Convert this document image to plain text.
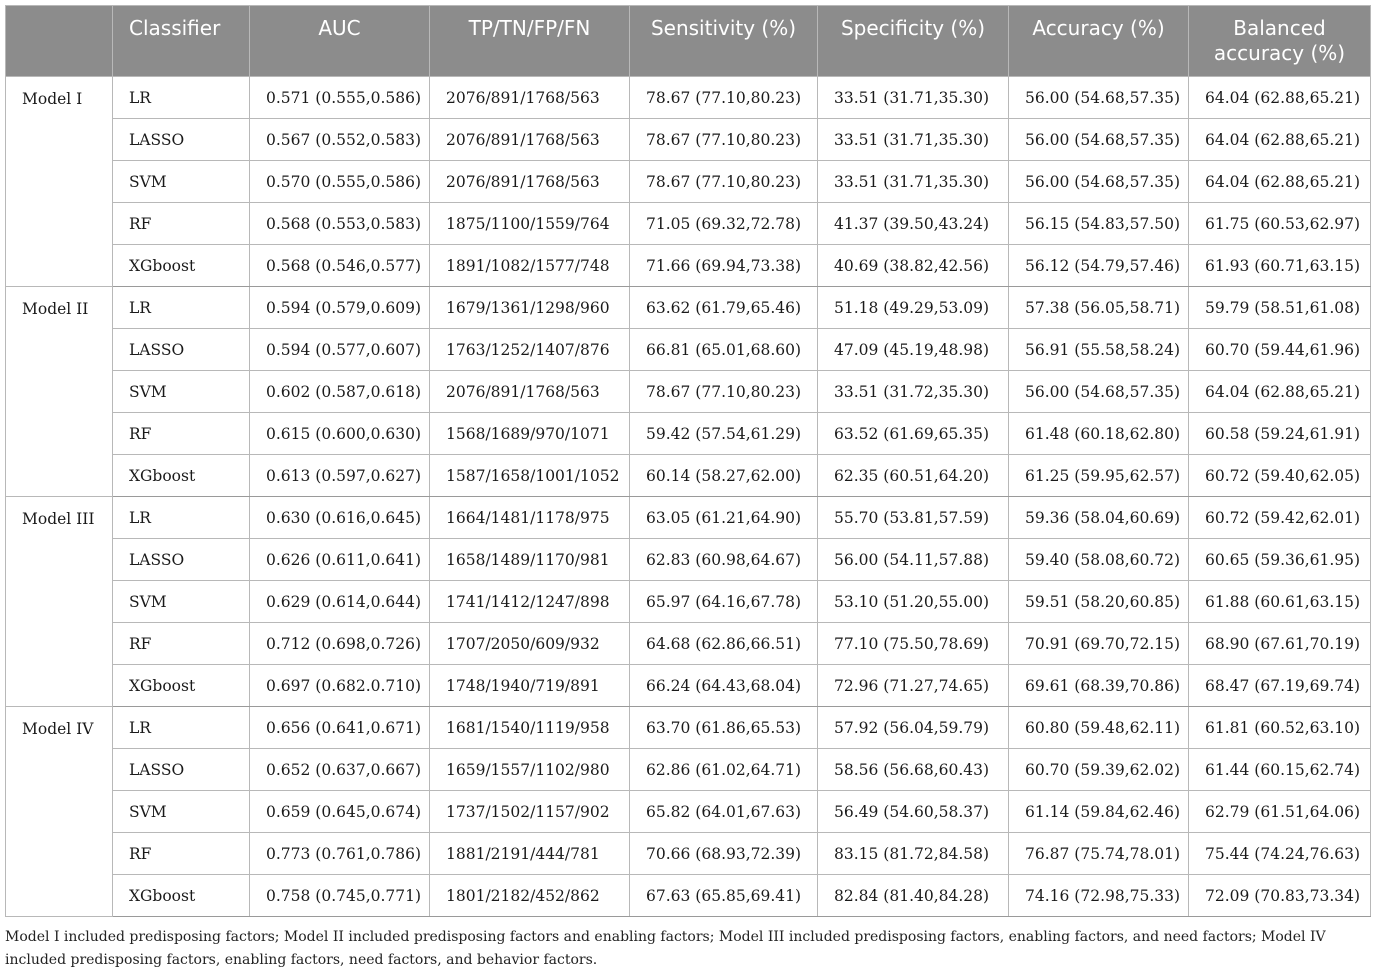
	Classifier	AUC	TP/TN/FP/FN	Sensitivity (%)	Specificity (%)	Accuracy (%)	Balanced accuracy (%)
Model I	LR	0.571 (0.555,0.586)	2076/891/1768/563	78.67 (77.10,80.23)	33.51 (31.71,35.30)	56.00 (54.68,57.35)	64.04 (62.88,65.21)
	LASSO	0.567 (0.552,0.583)	2076/891/1768/563	78.67 (77.10,80.23)	33.51 (31.71,35.30)	56.00 (54.68,57.35)	64.04 (62.88,65.21)
	SVM	0.570 (0.555,0.586)	2076/891/1768/563	78.67 (77.10,80.23)	33.51 (31.71,35.30)	56.00 (54.68,57.35)	64.04 (62.88,65.21)
	RF	0.568 (0.553,0.583)	1875/1100/1559/764	71.05 (69.32,72.78)	41.37 (39.50,43.24)	56.15 (54.83,57.50)	61.75 (60.53,62.97)
	XGboost	0.568 (0.546,0.577)	1891/1082/1577/748	71.66 (69.94,73.38)	40.69 (38.82,42.56)	56.12 (54.79,57.46)	61.93 (60.71,63.15)
Model II	LR	0.594 (0.579,0.609)	1679/1361/1298/960	63.62 (61.79,65.46)	51.18 (49.29,53.09)	57.38 (56.05,58.71)	59.79 (58.51,61.08)
	LASSO	0.594 (0.577,0.607)	1763/1252/1407/876	66.81 (65.01,68.60)	47.09 (45.19,48.98)	56.91 (55.58,58.24)	60.70 (59.44,61.96)
	SVM	0.602 (0.587,0.618)	2076/891/1768/563	78.67 (77.10,80.23)	33.51 (31.72,35.30)	56.00 (54.68,57.35)	64.04 (62.88,65.21)
	RF	0.615 (0.600,0.630)	1568/1689/970/1071	59.42 (57.54,61.29)	63.52 (61.69,65.35)	61.48 (60.18,62.80)	60.58 (59.24,61.91)
	XGboost	0.613 (0.597,0.627)	1587/1658/1001/1052	60.14 (58.27,62.00)	62.35 (60.51,64.20)	61.25 (59.95,62.57)	60.72 (59.40,62.05)
Model III	LR	0.630 (0.616,0.645)	1664/1481/1178/975	63.05 (61.21,64.90)	55.70 (53.81,57.59)	59.36 (58.04,60.69)	60.72 (59.42,62.01)
	LASSO	0.626 (0.611,0.641)	1658/1489/1170/981	62.83 (60.98,64.67)	56.00 (54.11,57.88)	59.40 (58.08,60.72)	60.65 (59.36,61.95)
	SVM	0.629 (0.614,0.644)	1741/1412/1247/898	65.97 (64.16,67.78)	53.10 (51.20,55.00)	59.51 (58.20,60.85)	61.88 (60.61,63.15)
	RF	0.712 (0.698,0.726)	1707/2050/609/932	64.68 (62.86,66.51)	77.10 (75.50,78.69)	70.91 (69.70,72.15)	68.90 (67.61,70.19)
	XGboost	0.697 (0.682.0.710)	1748/1940/719/891	66.24 (64.43,68.04)	72.96 (71.27,74.65)	69.61 (68.39,70.86)	68.47 (67.19,69.74)
Model IV	LR	0.656 (0.641,0.671)	1681/1540/1119/958	63.70 (61.86,65.53)	57.92 (56.04,59.79)	60.80 (59.48,62.11)	61.81 (60.52,63.10)
	LASSO	0.652 (0.637,0.667)	1659/1557/1102/980	62.86 (61.02,64.71)	58.56 (56.68,60.43)	60.70 (59.39,62.02)	61.44 (60.15,62.74)
	SVM	0.659 (0.645,0.674)	1737/1502/1157/902	65.82 (64.01,67.63)	56.49 (54.60,58.37)	61.14 (59.84,62.46)	62.79 (61.51,64.06)
	RF	0.773 (0.761,0.786)	1881/2191/444/781	70.66 (68.93,72.39)	83.15 (81.72,84.58)	76.87 (75.74,78.01)	75.44 (74.24,76.63)
	XGboost	0.758 (0.745,0.771)	1801/2182/452/862	67.63 (65.85,69.41)	82.84 (81.40,84.28)	74.16 (72.98,75.33)	72.09 (70.83,73.34)
Model I included predisposing factors; Model II included predisposing factors and enabling factors; Model III included predisposing factors, enabling factors, and need factors; Model IV included predisposing factors, enabling factors, need factors, and behavior factors.
